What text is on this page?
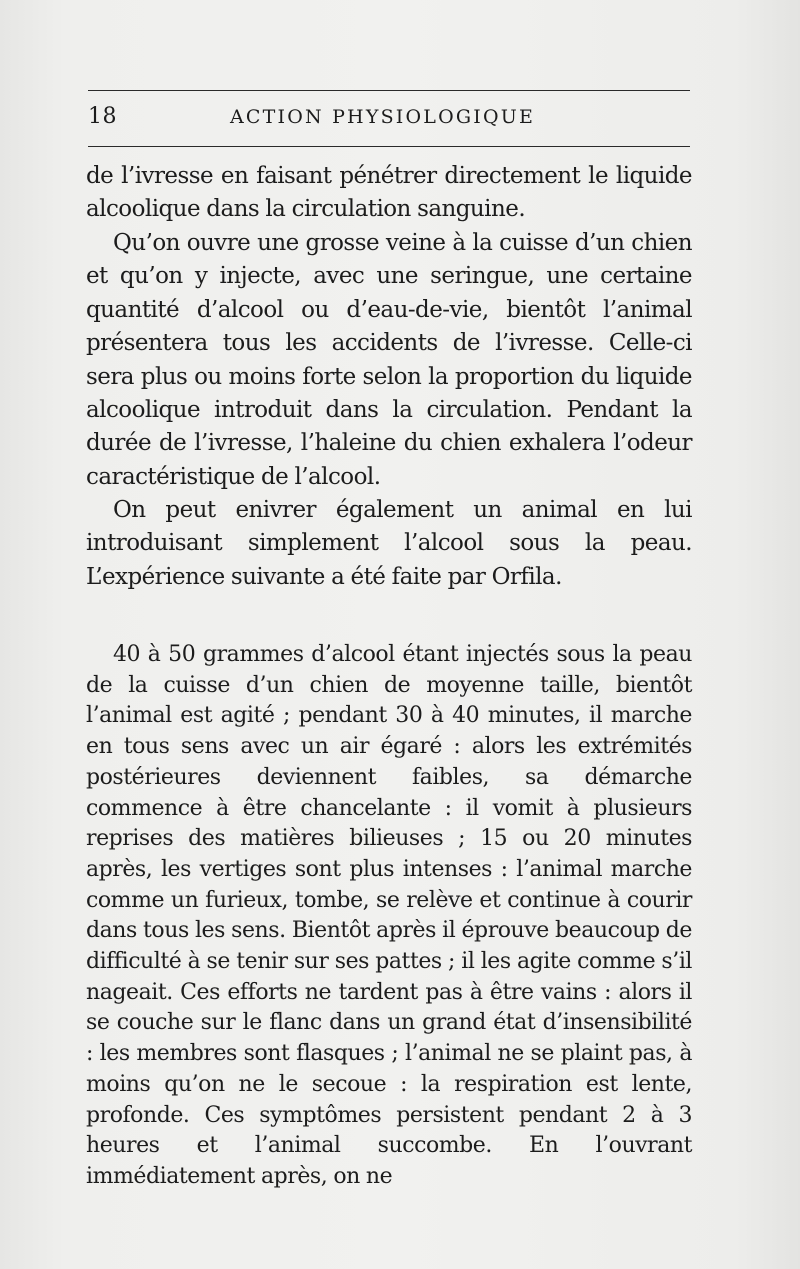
18	ACTION PHYSIOLOGIQUE

de l’ivresse en faisant pénétrer directement le liquide alcoolique dans la circulation sanguine.

Qu’on ouvre une grosse veine à la cuisse d’un chien et qu’on y injecte, avec une seringue, une certaine quantité d’alcool ou d’eau-de-vie, bientôt l’animal présentera tous les accidents de l’ivresse. Celle-ci sera plus ou moins forte selon la proportion du liquide alcoolique introduit dans la circulation. Pendant la durée de l’ivresse, l’haleine du chien exhalera l’odeur caractéristique de l’alcool.

On peut enivrer également un animal en lui introduisant simplement l’alcool sous la peau. L’expérience suivante a été faite par Orfila.

40 à 50 grammes d’alcool étant injectés sous la peau de la cuisse d’un chien de moyenne taille, bientôt l’animal est agité ; pendant 30 à 40 minutes, il marche en tous sens avec un air égaré : alors les extrémités postérieures deviennent faibles, sa démarche commence à être chancelante : il vomit à plusieurs reprises des matières bilieuses ; 15 ou 20 minutes après, les vertiges sont plus intenses : l’animal marche comme un furieux, tombe, se relève et continue à courir dans tous les sens. Bientôt après il éprouve beaucoup de difficulté à se tenir sur ses pattes ; il les agite comme s’il nageait. Ces efforts ne tardent pas à être vains : alors il se couche sur le flanc dans un grand état d’insensibilité : les membres sont flasques ; l’animal ne se plaint pas, à moins qu’on ne le secoue : la respiration est lente, profonde. Ces symptômes persistent pendant 2 à 3 heures et l’animal succombe. En l’ouvrant immédiatement après, on ne
